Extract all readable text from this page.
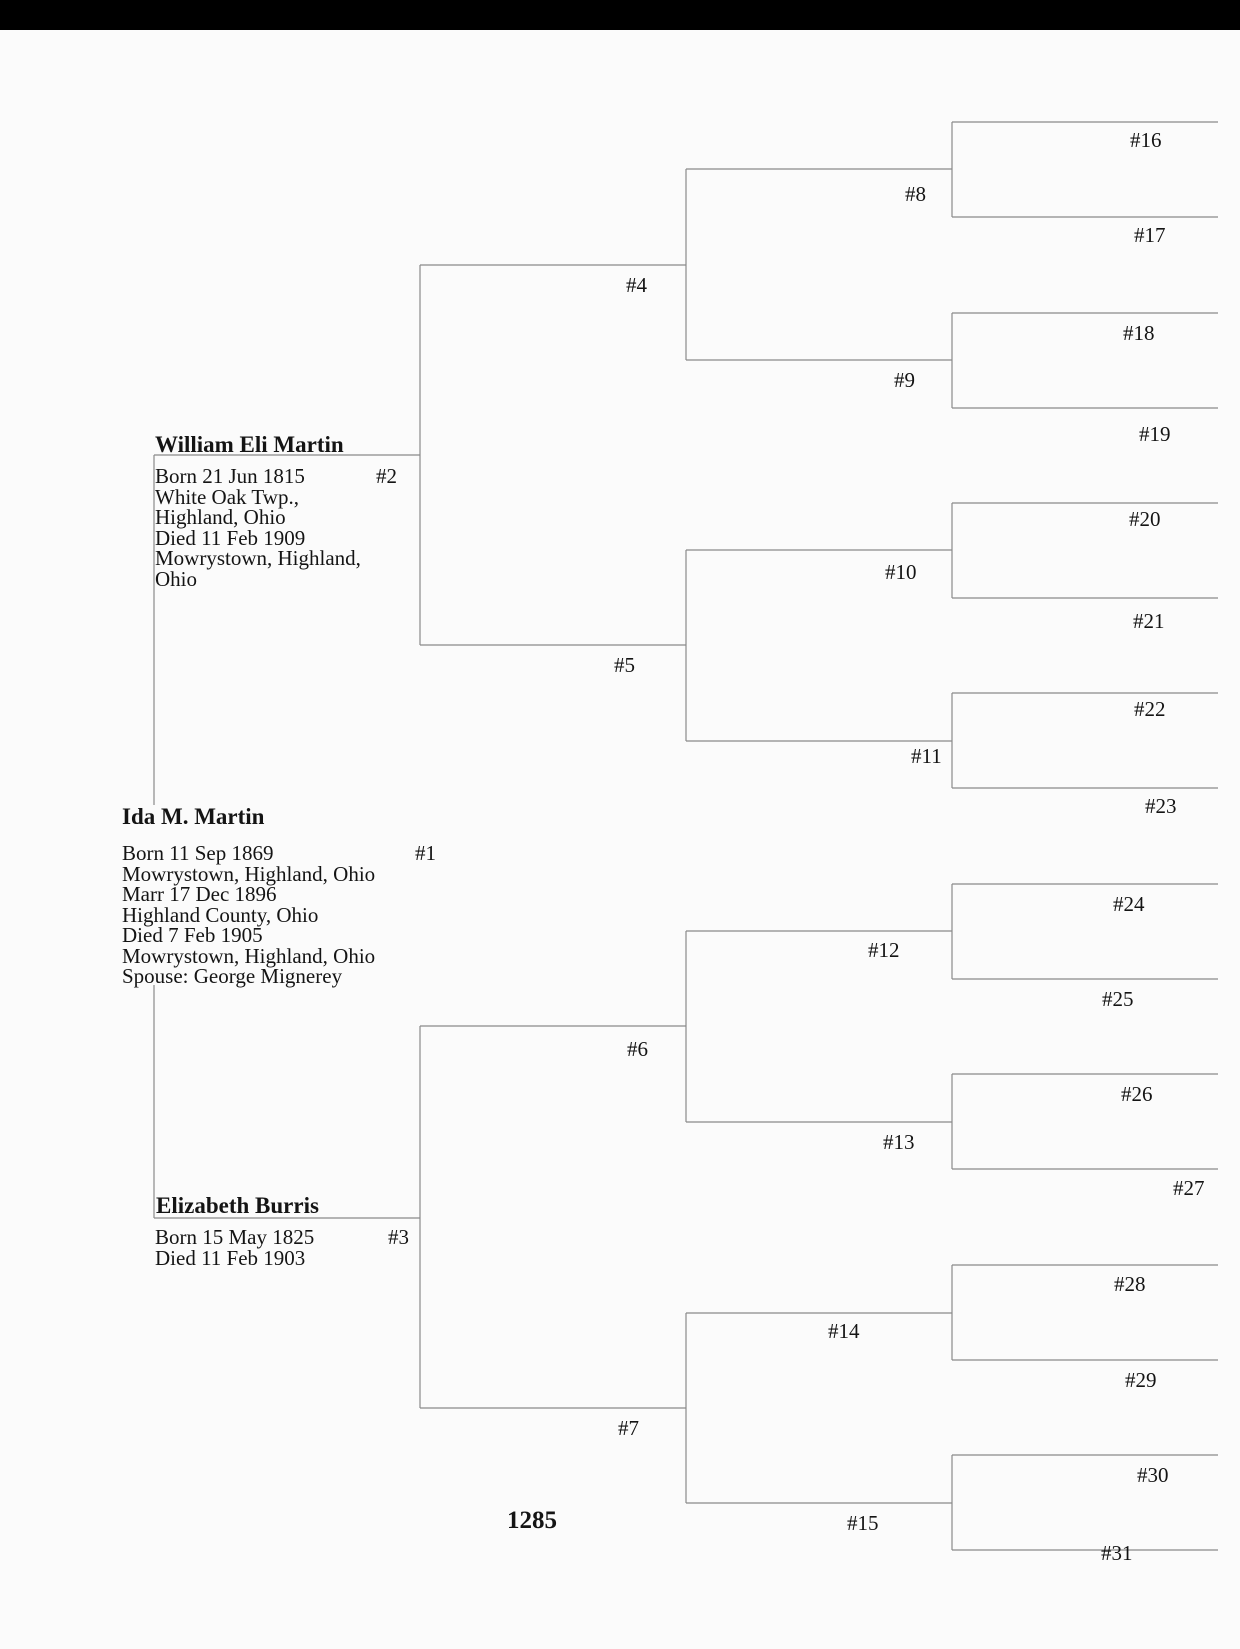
Ida M. Martin
#1
Born 11 Sep 1869
Mowrystown, Highland, Ohio
Marr 17 Dec 1896
Highland County, Ohio
Died 7 Feb 1905
Mowrystown, Highland, Ohio
Spouse: George Mignerey
William Eli Martin
#2
Born 21 Jun 1815
White Oak Twp.,
Highland, Ohio
Died 11 Feb 1909
Mowrystown, Highland,
Ohio
Elizabeth Burris
#3
Born 15 May 1825
Died 11 Feb 1903
#4
#5
#6
#7
#8
#9
#10
#11
#12
#13
#14
#15
#16
#17
#18
#19
#20
#21
#22
#23
#24
#25
#26
#27
#28
#29
#30
#31
1285
